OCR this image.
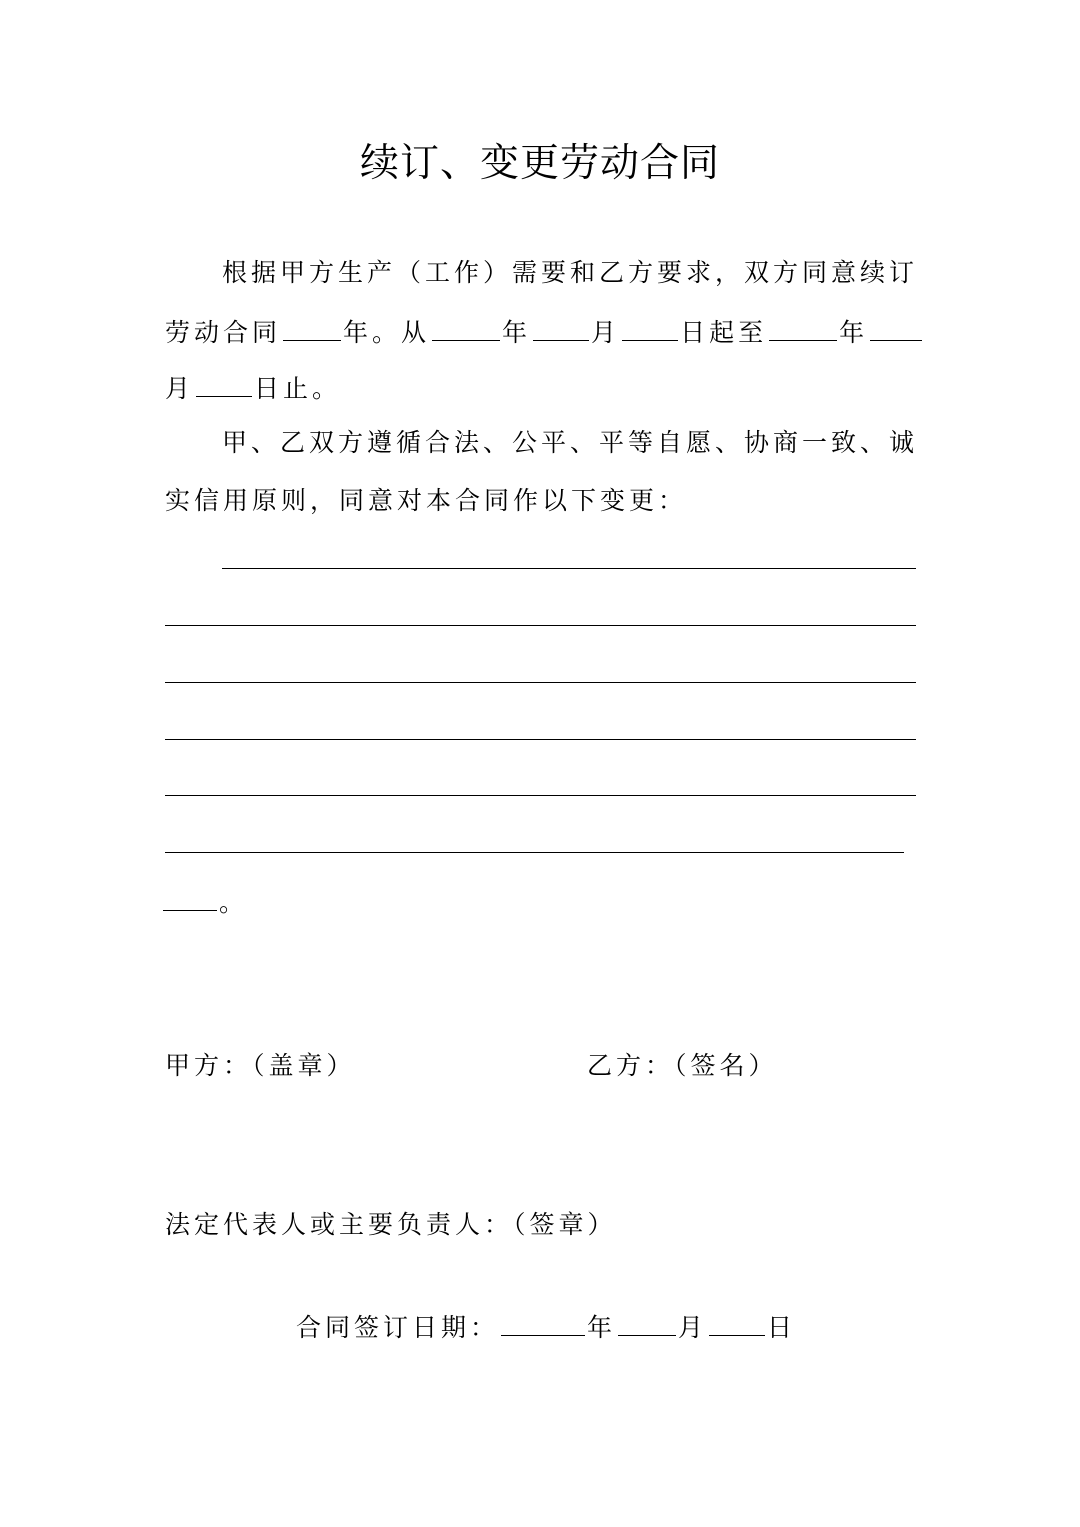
续订、变更劳动合同
根据甲方生产（工作）需要和乙方要求，双方同意续订
劳动合同 年。从	年 月 日起至	年
月 日止。
甲、乙双方遵循合法、公平、平等自愿、协商一致、诚
实信用原则，同意对本合同作以下变更：
。
甲方：（盖章）	乙方：（签名）
法定代表人或主要负责人：（签章）
合同签订日期：	年 月 日
